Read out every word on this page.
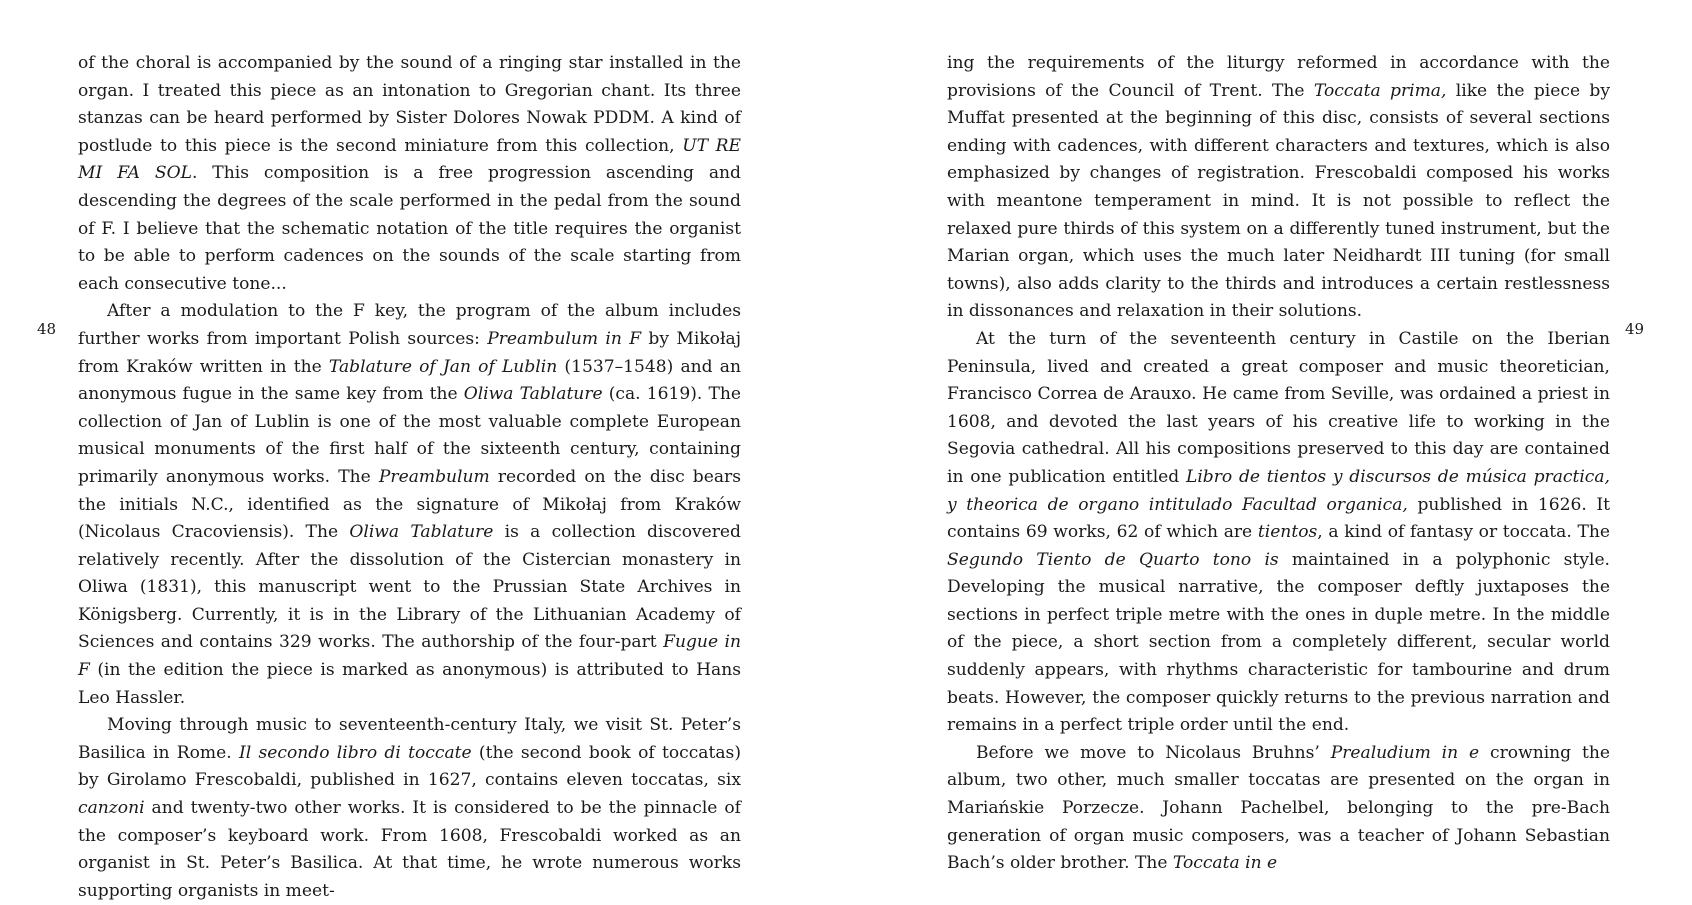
48	49

of the choral is accompanied by the sound of a ringing star installed in the organ. I treated this piece as an intonation to Gregorian chant. Its three stanzas can be heard performed by Sister Dolores Nowak PDDM. A kind of postlude to this piece is the second miniature from this collection, UT RE MI FA SOL. This composition is a free progression ascending and descending the degrees of the scale performed in the pedal from the sound of F. I believe that the schematic notation of the title requires the organist to be able to perform cadences on the sounds of the scale starting from each consecutive tone...

After a modulation to the F key, the program of the album includes further works from important Polish sources: Preambulum in F by Mikołaj from Kraków written in the Tablature of Jan of Lublin (1537–1548) and an anonymous fugue in the same key from the Oliwa Tablature (ca. 1619). The collection of Jan of Lublin is one of the most valuable complete European musical monuments of the first half of the sixteenth century, containing primarily anonymous works. The Preambulum recorded on the disc bears the initials N.C., identified as the signature of Mikołaj from Kraków (Nicolaus Cracoviensis). The Oliwa Tablature is a collection discovered relatively recently. After the dissolution of the Cistercian monastery in Oliwa (1831), this manuscript went to the Prussian State Archives in Königsberg. Currently, it is in the Library of the Lithuanian Academy of Sciences and contains 329 works. The authorship of the four-part Fugue in F (in the edition the piece is marked as anonymous) is attributed to Hans Leo Hassler.

Moving through music to seventeenth-century Italy, we visit St. Peter’s Basilica in Rome. Il secondo libro di toccate (the second book of toccatas) by Girolamo Frescobaldi, published in 1627, contains eleven toccatas, six canzoni and twenty-two other works. It is considered to be the pinnacle of the composer’s keyboard work. From 1608, Frescobaldi worked as an organist in St. Peter’s Basilica. At that time, he wrote numerous works supporting organists in meet-

ing the requirements of the liturgy reformed in accordance with the provisions of the Council of Trent. The Toccata prima, like the piece by Muffat presented at the beginning of this disc, consists of several sections ending with cadences, with different characters and textures, which is also emphasized by changes of registration. Frescobaldi composed his works with meantone temperament in mind. It is not possible to reflect the relaxed pure thirds of this system on a differently tuned instrument, but the Marian organ, which uses the much later Neidhardt III tuning (for small towns), also adds clarity to the thirds and introduces a certain restlessness in dissonances and relaxation in their solutions.

At the turn of the seventeenth century in Castile on the Iberian Peninsula, lived and created a great composer and music theoretician, Francisco Correa de Arauxo. He came from Seville, was ordained a priest in 1608, and devoted the last years of his creative life to working in the Segovia cathedral. All his compositions preserved to this day are contained in one publication entitled Libro de tientos y discursos de música practica, y theorica de organo intitulado Facultad organica, published in 1626. It contains 69 works, 62 of which are tientos, a kind of fantasy or toccata. The Segundo Tiento de Quarto tono is maintained in a polyphonic style. Developing the musical narrative, the composer deftly juxtaposes the sections in perfect triple metre with the ones in duple metre. In the middle of the piece, a short section from a completely different, secular world suddenly appears, with rhythms characteristic for tambourine and drum beats. However, the composer quickly returns to the previous narration and remains in a perfect triple order until the end.

Before we move to Nicolaus Bruhns’ Prealudium in e crowning the album, two other, much smaller toccatas are presented on the organ in Mariańskie Porzecze. Johann Pachelbel, belonging to the pre-Bach generation of organ music composers, was a teacher of Johann Sebastian Bach’s older brother. The Toccata in e
